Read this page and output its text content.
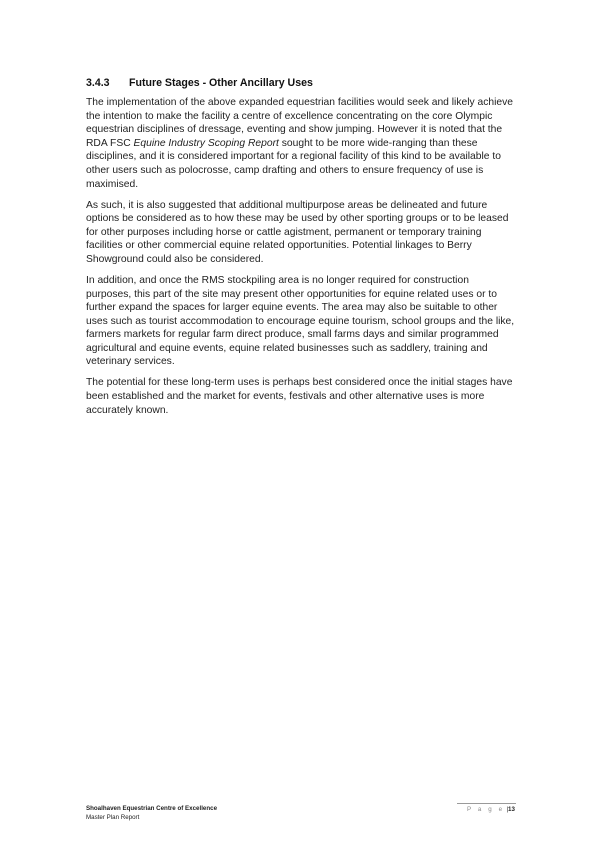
3.4.3 Future Stages - Other Ancillary Uses

The implementation of the above expanded equestrian facilities would seek and likely achieve the intention to make the facility a centre of excellence concentrating on the core Olympic equestrian disciplines of dressage, eventing and show jumping. However it is noted that the RDA FSC Equine Industry Scoping Report sought to be more wide-ranging than these disciplines, and it is considered important for a regional facility of this kind to be available to other users such as polocrosse, camp drafting and others to ensure frequency of use is maximised.

As such, it is also suggested that additional multipurpose areas be delineated and future options be considered as to how these may be used by other sporting groups or to be leased for other purposes including horse or cattle agistment, permanent or temporary training facilities or other commercial equine related opportunities. Potential linkages to Berry Showground could also be considered.

In addition, and once the RMS stockpiling area is no longer required for construction purposes, this part of the site may present other opportunities for equine related uses or to further expand the spaces for larger equine events. The area may also be suitable to other uses such as tourist accommodation to encourage equine tourism, school groups and the like, farmers markets for regular farm direct produce, small farms days and similar programmed agricultural and equine events, equine related businesses such as saddlery, training and veterinary services.

The potential for these long-term uses is perhaps best considered once the initial stages have been established and the market for events, festivals and other alternative uses is more accurately known.

Shoalhaven Equestrian Centre of Excellence
Master Plan Report
P a g e |13
